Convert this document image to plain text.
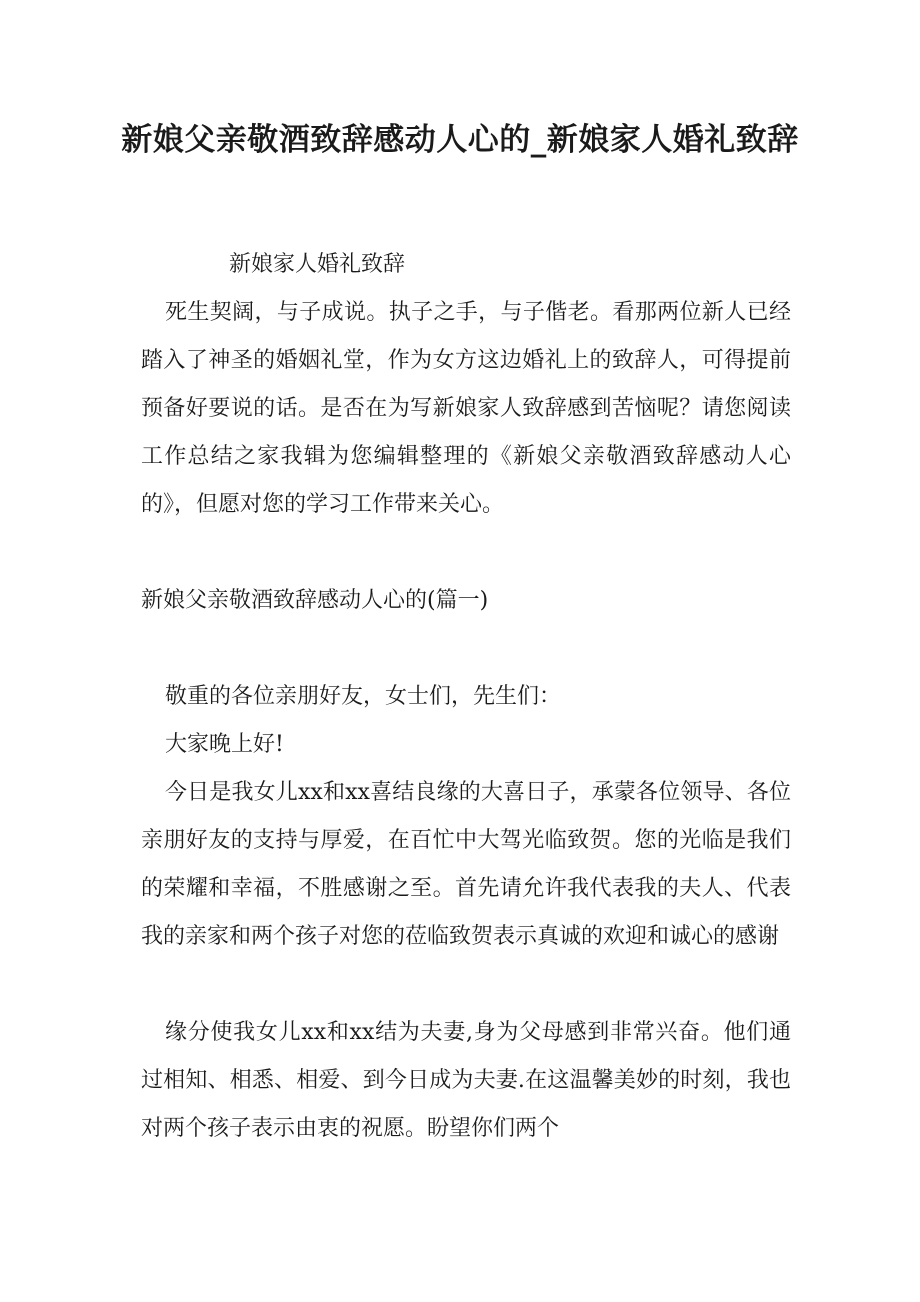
新娘父亲敬酒致辞感动人心的_新娘家人婚礼致辞

新娘家人婚礼致辞

死生契阔，与子成说。执子之手，与子偕老。看那两位新人已经踏入了神圣的婚姻礼堂，作为女方这边婚礼上的致辞人，可得提前预备好要说的话。是否在为写新娘家人致辞感到苦恼呢？请您阅读工作总结之家我辑为您编辑整理的《新娘父亲敬酒致辞感动人心的》，但愿对您的学习工作带来关心。

新娘父亲敬酒致辞感动人心的(篇一)

敬重的各位亲朋好友，女士们，先生们：

大家晚上好!

今日是我女儿xx和xx喜结良缘的大喜日子，承蒙各位领导、各位亲朋好友的支持与厚爱，在百忙中大驾光临致贺。您的光临是我们的荣耀和幸福，不胜感谢之至。首先请允许我代表我的夫人、代表我的亲家和两个孩子对您的莅临致贺表示真诚的欢迎和诚心的感谢

缘分使我女儿xx和xx结为夫妻,身为父母感到非常兴奋。他们通过相知、相悉、相爱、到今日成为夫妻.在这温馨美妙的时刻，我也对两个孩子表示由衷的祝愿。盼望你们两个
